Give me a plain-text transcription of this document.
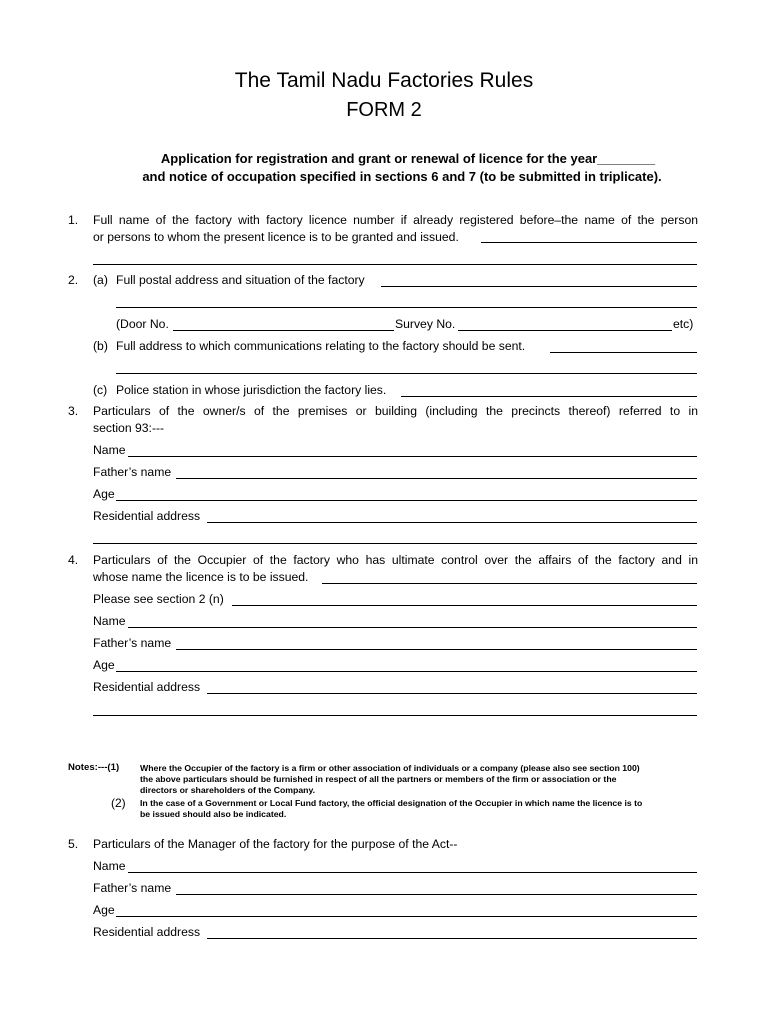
The Tamil Nadu Factories Rules
FORM 2
Application for registration and grant or renewal of licence for the year________
and notice of occupation specified in sections 6 and 7 (to be submitted in triplicate).
1. Full name of the factory with factory licence number if already registered before–the name of the person
or persons to whom the present licence is to be granted and issued.
2. (a) Full postal address and situation of the factory
(Door No.	Survey No.	etc)
(b) Full address to which communications relating to the factory should be sent.
(c) Police station in whose jurisdiction the factory lies.
3. Particulars of the owner/s of the premises or building (including the precincts thereof) referred to in
section 93:---
Name
Father’s name
Age
Residential address
4. Particulars of the Occupier of the factory who has ultimate control over the affairs of the factory and in
whose name the licence is to be issued.
Please see section 2 (n)
Name
Father’s name
Age
Residential address
Notes:---(1) Where the Occupier of the factory is a firm or other association of individuals or a company (please also see section 100)
the above particulars should be furnished in respect of all the partners or members of the firm or association or the
directors or shareholders of the Company.
(2) In the case of a Government or Local Fund factory, the official designation of the Occupier in which name the licence is to
be issued should also be indicated.
5. Particulars of the Manager of the factory for the purpose of the Act--
Name
Father’s name
Age
Residential address
